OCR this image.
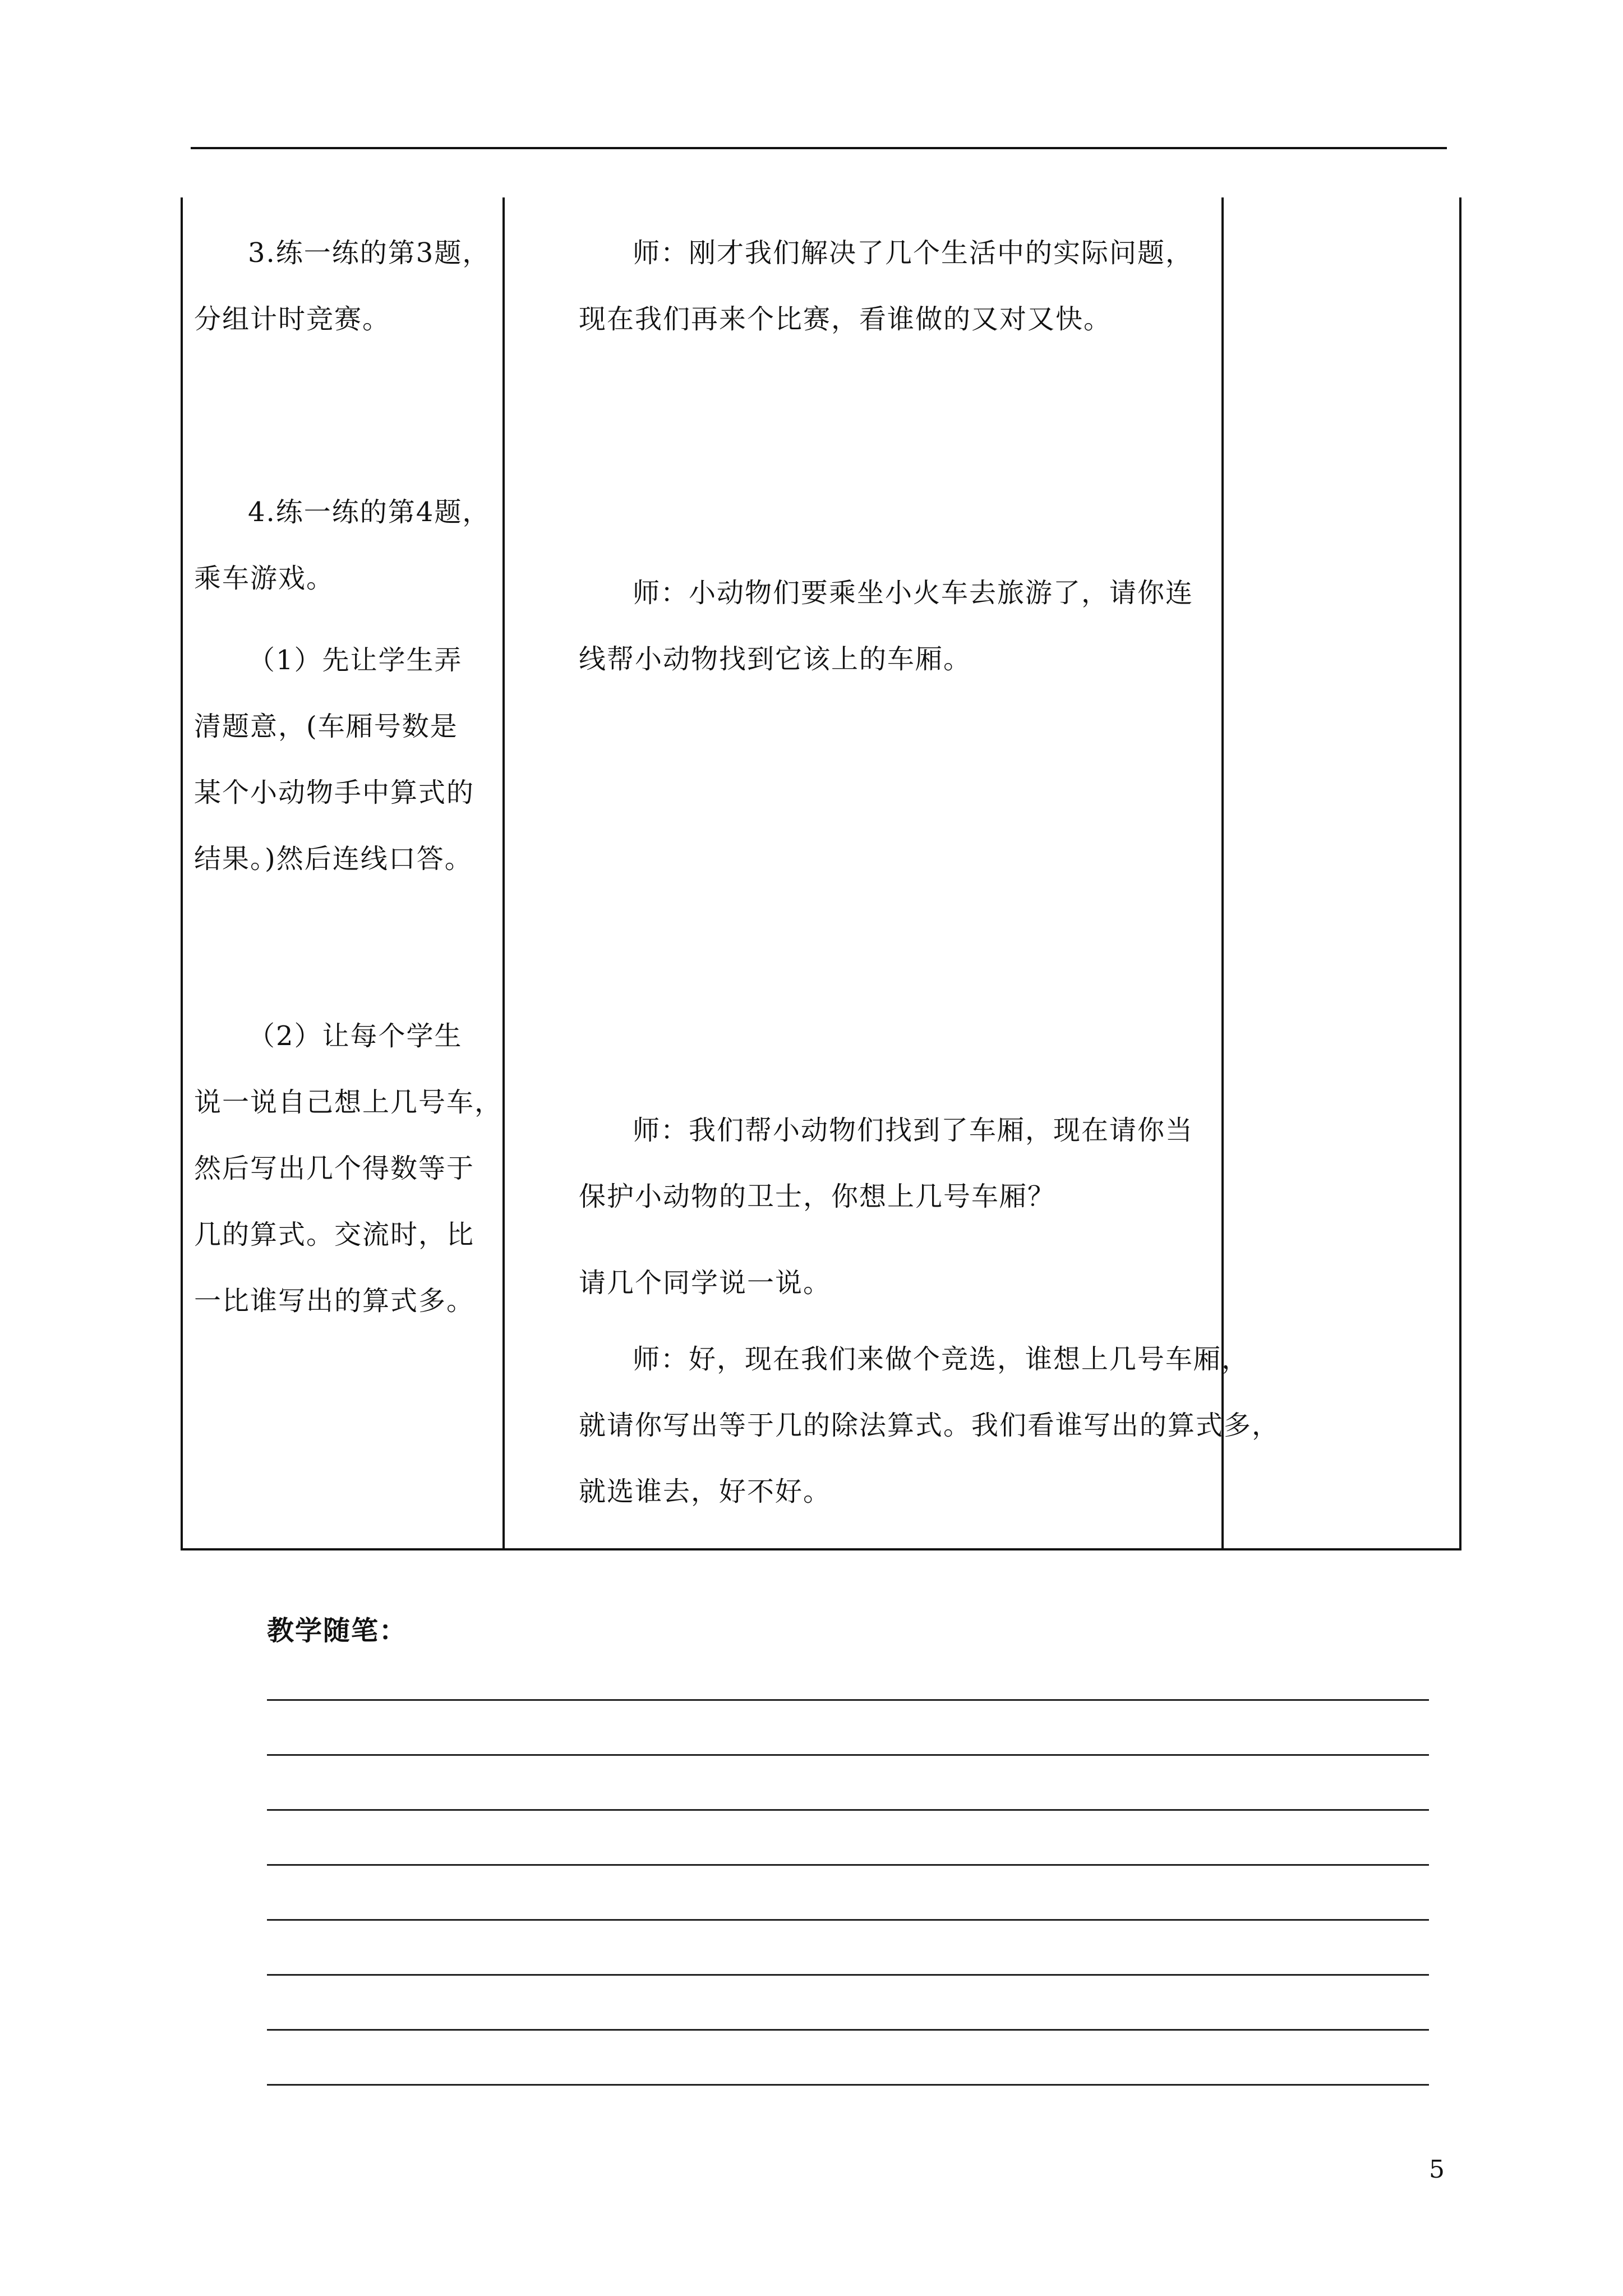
3.练一练的第3题，

分组计时竞赛。

4.练一练的第4题，

乘车游戏。

（1）先让学生弄

清题意，(车厢号数是

某个小动物手中算式的

结果。)然后连线口答。

（2）让每个学生

说一说自己想上几号车，

然后写出几个得数等于

几的算式。交流时，比

一比谁写出的算式多。

师：刚才我们解决了几个生活中的实际问题，

现在我们再来个比赛，看谁做的又对又快。

师：小动物们要乘坐小火车去旅游了，请你连

线帮小动物找到它该上的车厢。

师：我们帮小动物们找到了车厢，现在请你当

保护小动物的卫士，你想上几号车厢？

请几个同学说一说。

师：好，现在我们来做个竞选，谁想上几号车厢，

就请你写出等于几的除法算式。我们看谁写出的算式多，

就选谁去，好不好。

教学随笔：
5
